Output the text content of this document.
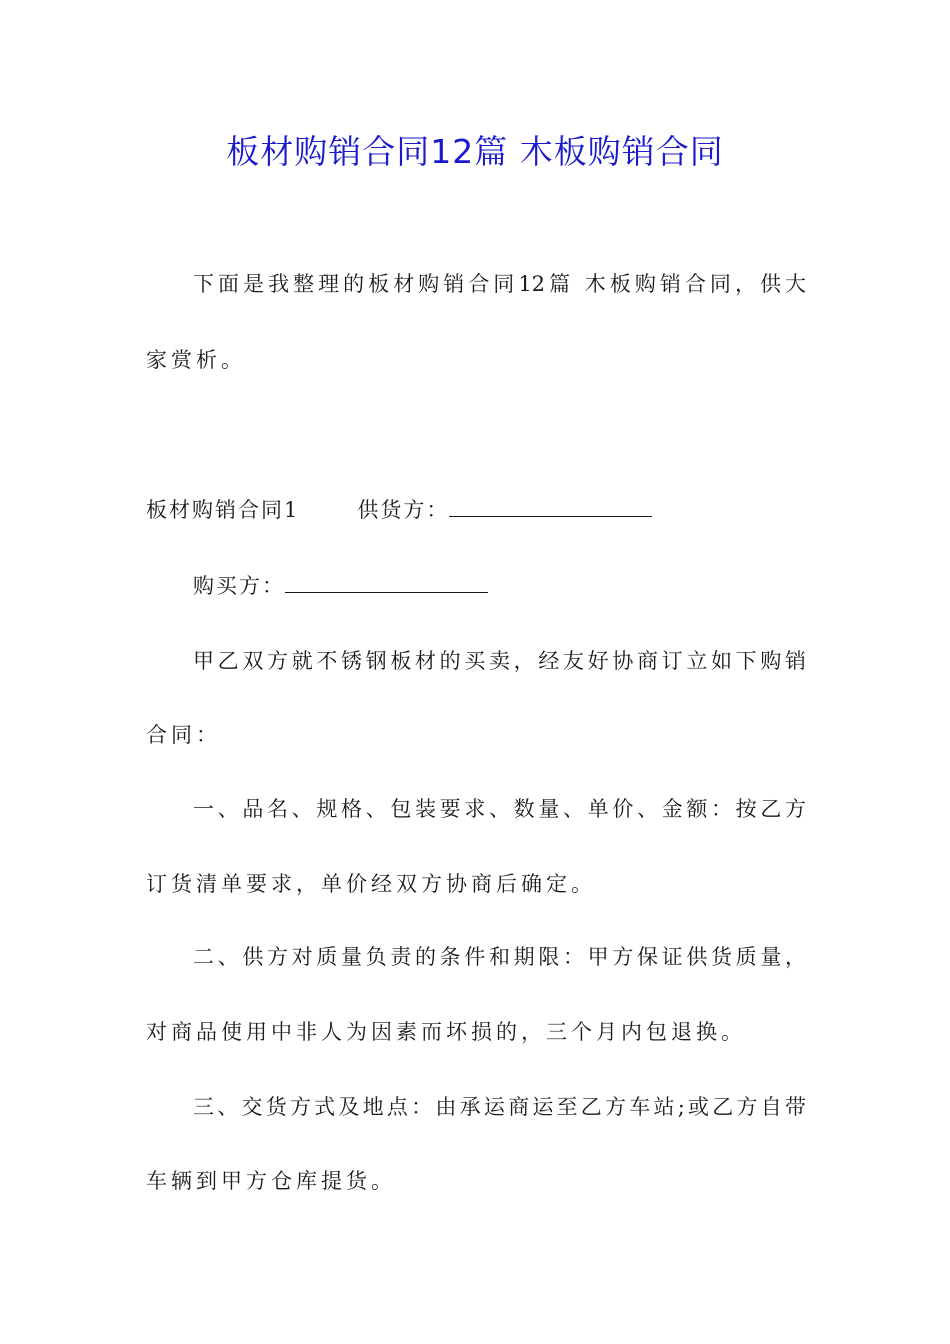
板材购销合同12篇 木板购销合同
下面是我整理的板材购销合同12篇 木板购销合同，供大
家赏析。
板材购销合同1	供货方：
购买方：
甲乙双方就不锈钢板材的买卖，经友好协商订立如下购销
合同：
一、品名、规格、包装要求、数量、单价、金额：按乙方
订货清单要求，单价经双方协商后确定。
二、供方对质量负责的条件和期限：甲方保证供货质量，
对商品使用中非人为因素而坏损的，三个月内包退换。
三、交货方式及地点：由承运商运至乙方车站;或乙方自带
车辆到甲方仓库提货。
